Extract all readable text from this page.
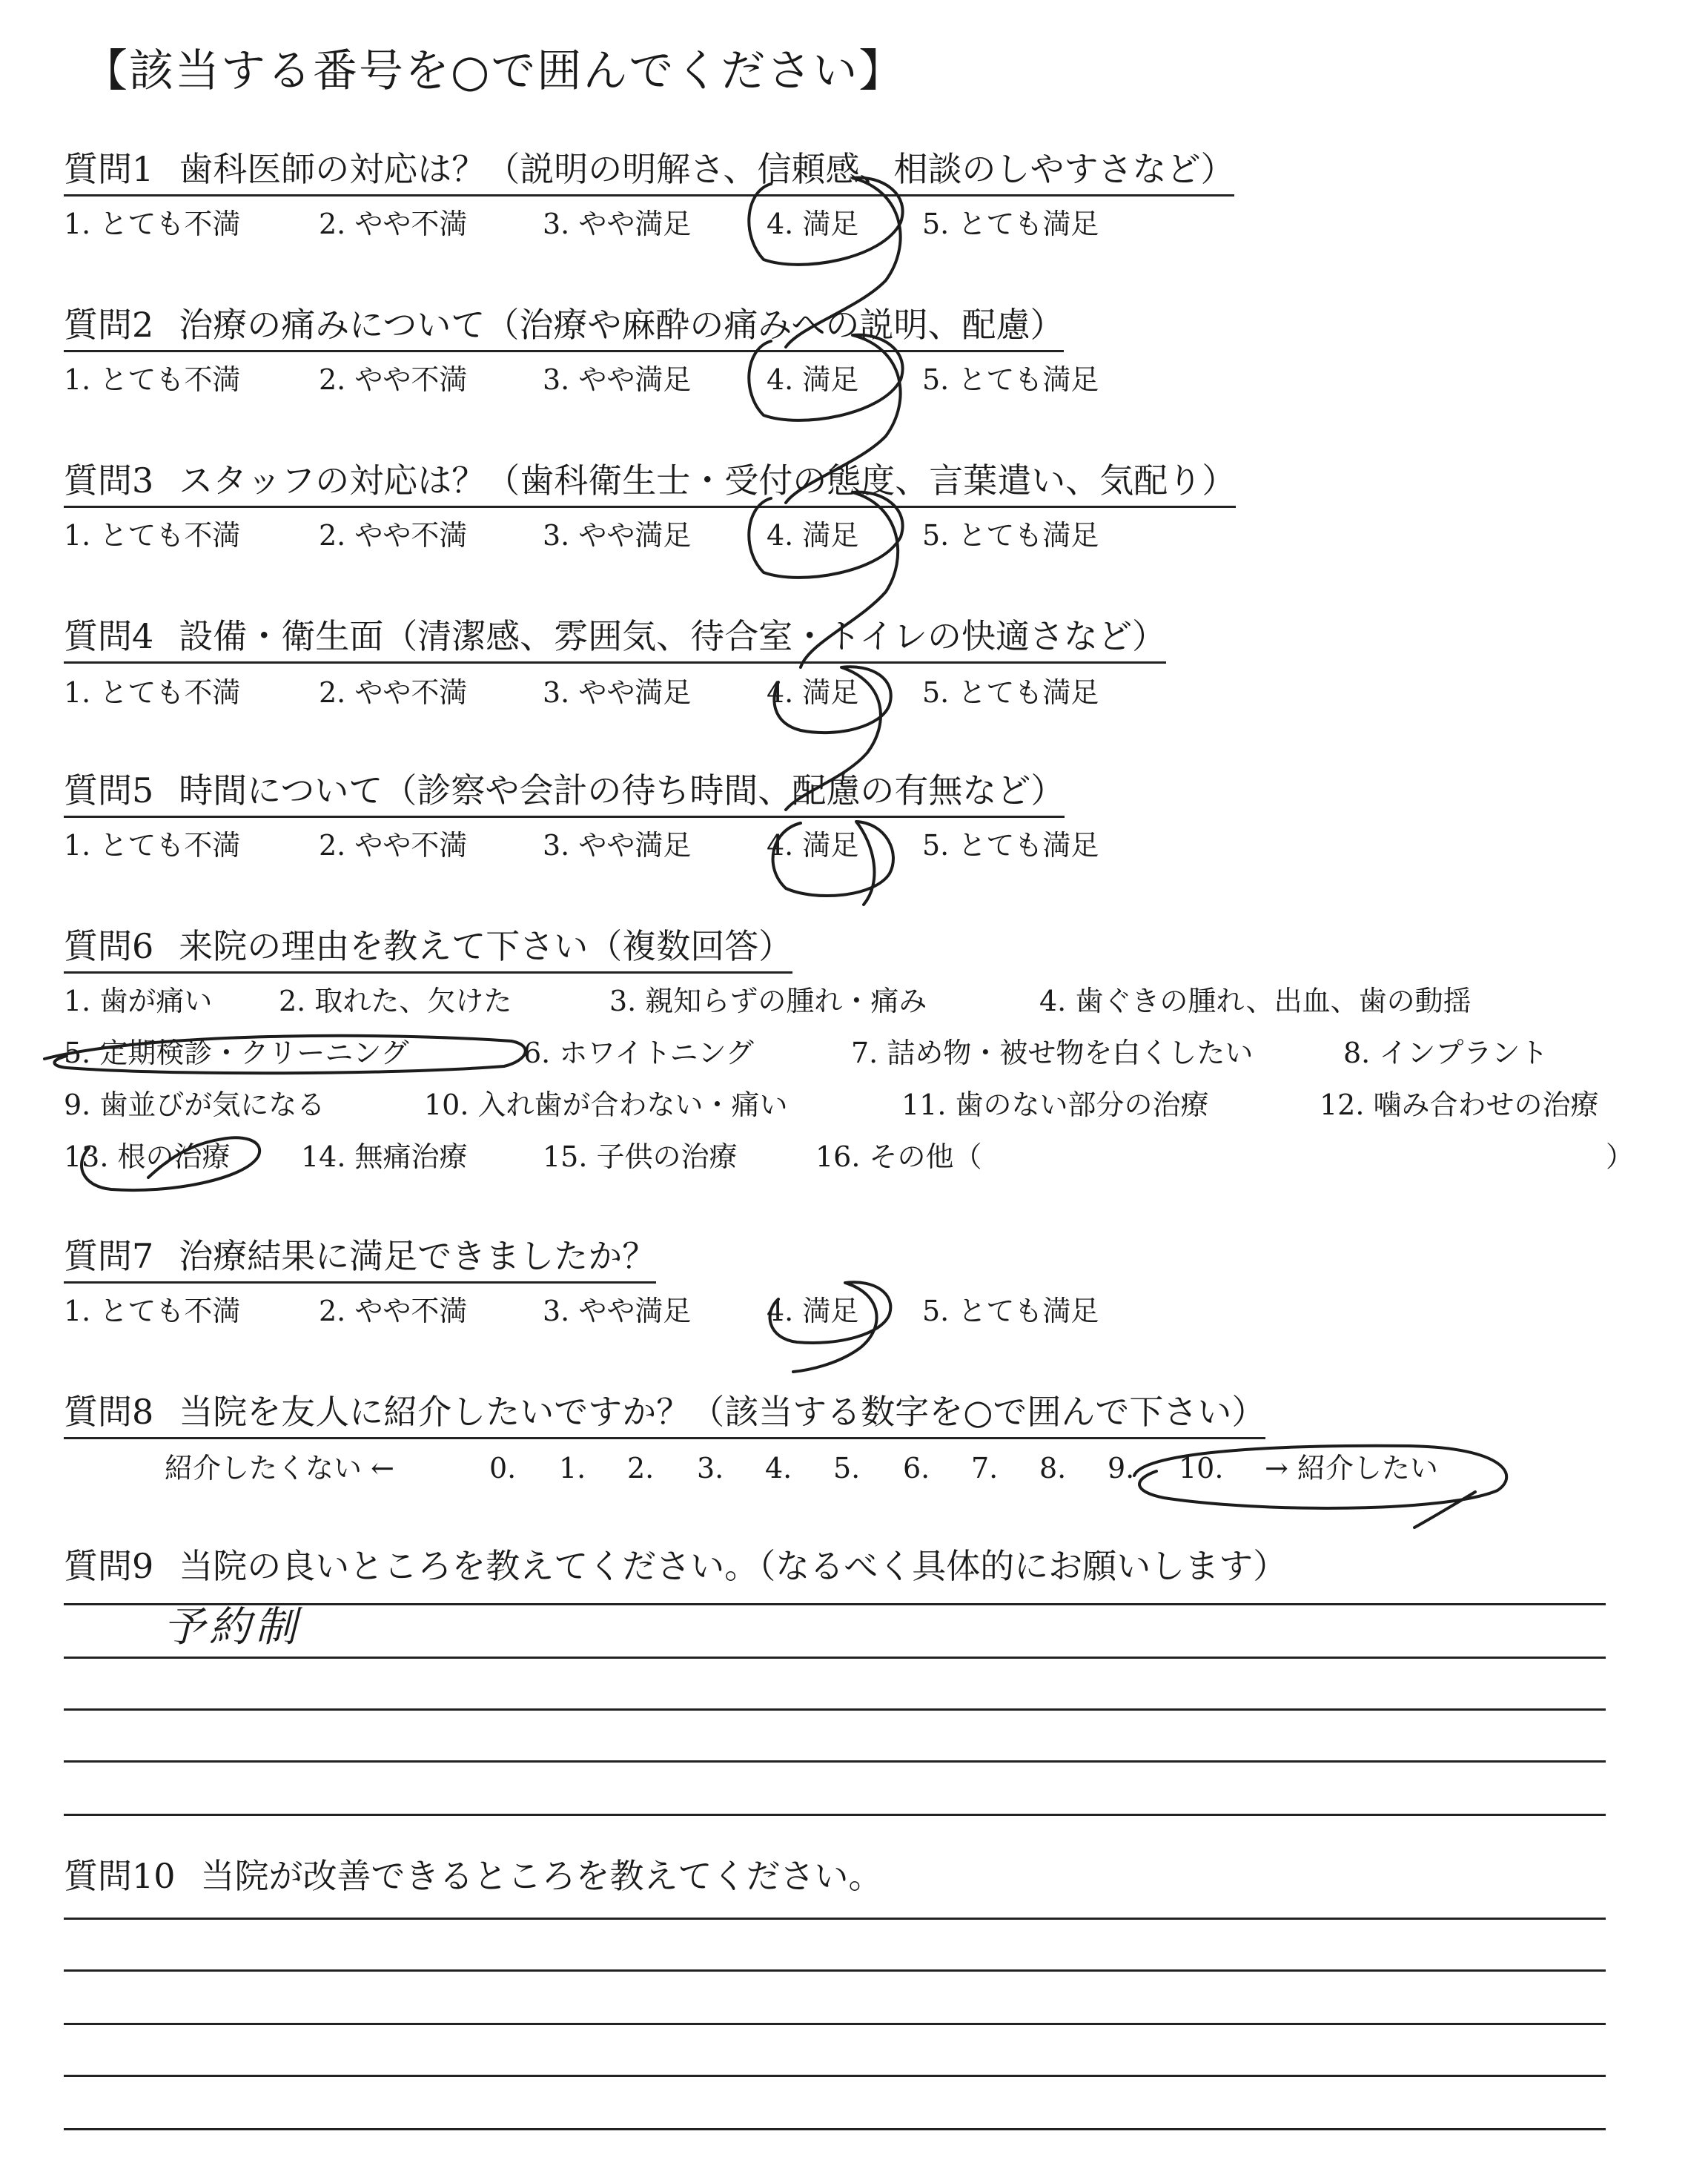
【該当する番号を○で囲んでください】
質問1 歯科医師の対応は？（説明の明解さ、信頼感、相談のしやすさなど）
1. とても不満	2. やや不満	3. やや満足	4. 満足 5. とても満足
質問2 治療の痛みについて（治療や麻酔の痛みへの説明、配慮）
1. とても不満	2. やや不満	3. やや満足	4. 満足 5. とても満足
質問3 スタッフの対応は？（歯科衛生士・受付の態度、言葉遣い、気配り）
1. とても不満	2. やや不満	3. やや満足	4. 満足 5. とても満足
質問4 設備・衛生面（清潔感、雰囲気、待合室・トイレの快適さなど）
1. とても不満	2. やや不満	3. やや満足	4. 満足 5. とても満足
質問5 時間について（診察や会計の待ち時間、配慮の有無など）
1. とても不満	2. やや不満	3. やや満足	4. 満足 5. とても満足
質問6 来院の理由を教えて下さい（複数回答）
1. 歯が痛い 2. 取れた、欠けた	3. 親知らずの腫れ・痛み	4. 歯ぐきの腫れ、出血、歯の動揺
5. 定期検診・クリーニング	6. ホワイトニング	7. 詰め物・被せ物を白くしたい	8. インプラント
9. 歯並びが気になる	10. 入れ歯が合わない・痛い	11. 歯のない部分の治療	12. 噛み合わせの治療
13. 根の治療	14. 無痛治療	15. 子供の治療	16. その他（	）
質問7 治療結果に満足できましたか？
1. とても不満	2. やや不満	3. やや満足	4. 満足 5. とても満足
質問8 当院を友人に紹介したいですか？（該当する数字を○で囲んで下さい）
紹介したくない ←	0. 1. 2. 3. 4. 5. 6. 7. 8. 9. 10. → 紹介したい
質問9 当院の良いところを教えてください。（なるべく具体的にお願いします）
予約制
質問10 当院が改善できるところを教えてください。
